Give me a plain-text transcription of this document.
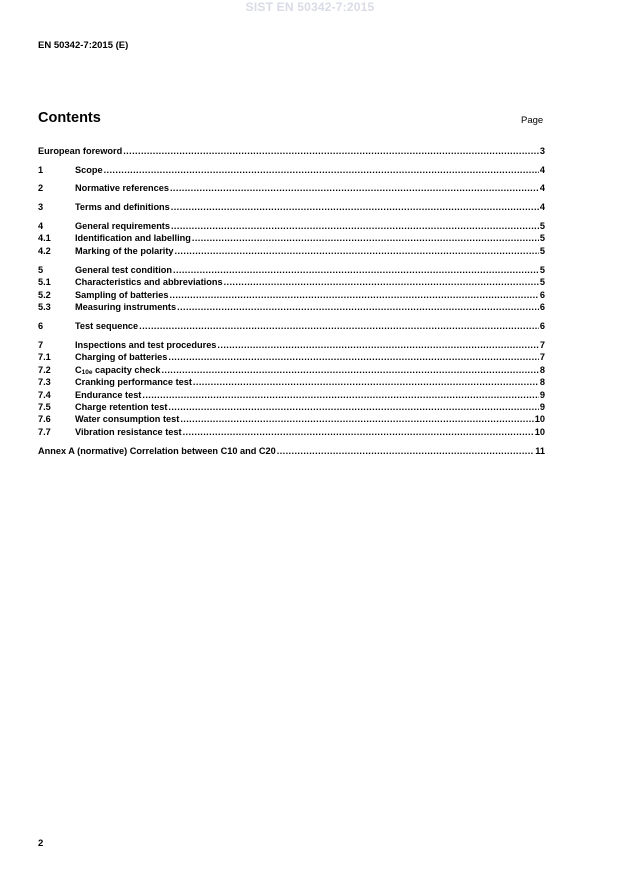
SIST EN 50342-7:2015
EN 50342-7:2015 (E)
Contents	Page
European foreword .....	3
1	Scope .....	4
2	Normative references .....	4
3	Terms and definitions .....	4
4	General requirements .....	5
4.1	Identification and labelling .....	5
4.2	Marking of the polarity .....	5
5	General test condition .....	5
5.1	Characteristics and abbreviations .....	5
5.2	Sampling of batteries .....	6
5.3	Measuring instruments .....	6
6	Test sequence .....	6
7	Inspections and test procedures .....	7
7.1	Charging of batteries .....	7
7.2	C10e capacity check .....	8
7.3	Cranking performance test .....	8
7.4	Endurance test .....	9
7.5	Charge retention test .....	9
7.6	Water consumption test .....	10
7.7	Vibration resistance test .....	10
Annex A (normative) Correlation between C10 and C20 .....	11
2
